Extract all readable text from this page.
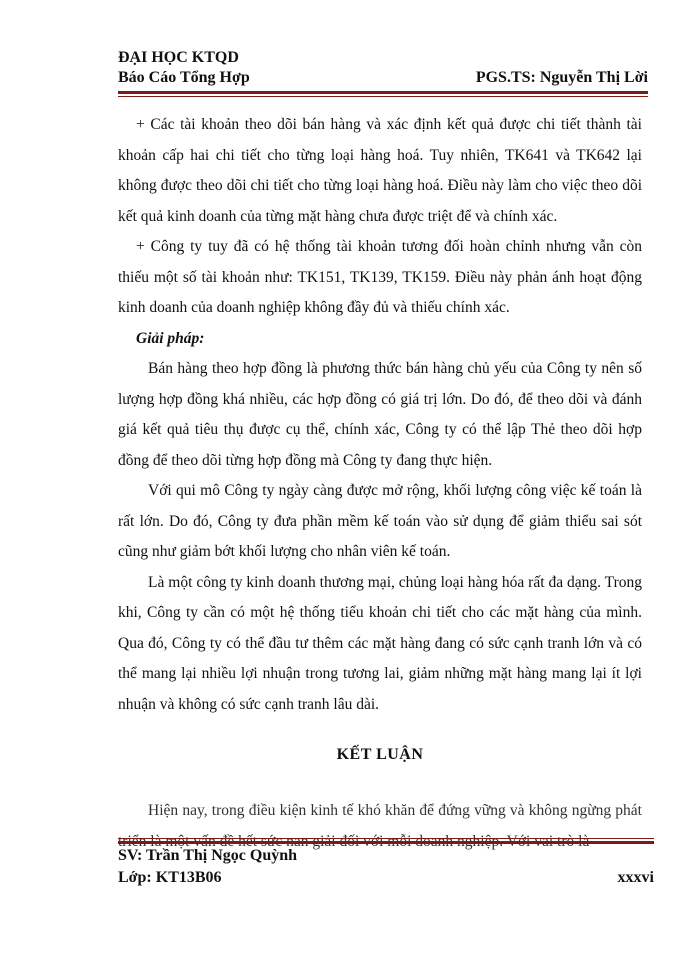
ĐẠI HỌC KTQD
Báo Cáo Tổng Hợp	PGS.TS: Nguyễn Thị Lời

+ Các tài khoản theo dõi bán hàng và xác định kết quả được chi tiết thành tài khoản cấp hai chi tiết cho từng loại hàng hoá. Tuy nhiên, TK641 và TK642 lại không được theo dõi chi tiết cho từng loại hàng hoá. Điều này làm cho việc theo dõi kết quả kinh doanh của từng mặt hàng chưa được triệt để và chính xác.

+ Công ty tuy đã có hệ thống tài khoản tương đối hoàn chỉnh nhưng vẫn còn thiếu một số tài khoản như: TK151, TK139, TK159. Điều này phản ánh hoạt động kinh doanh của doanh nghiệp không đầy đủ và thiếu chính xác.

Giải pháp:

Bán hàng theo hợp đồng là phương thức bán hàng chủ yếu của Công ty nên số lượng hợp đồng khá nhiều, các hợp đồng có giá trị lớn. Do đó, để theo dõi và đánh giá kết quả tiêu thụ được cụ thể, chính xác, Công ty có thể lập Thẻ theo dõi hợp đồng để theo dõi từng hợp đồng mà Công ty đang thực hiện.

Với qui mô Công ty ngày càng được mở rộng, khối lượng công việc kế toán là rất lớn. Do đó, Công ty đưa phần mềm kế toán vào sử dụng để giảm thiểu sai sót cũng như giảm bớt khối lượng cho nhân viên kế toán.

Là một công ty kinh doanh thương mại, chủng loại hàng hóa rất đa dạng. Trong khi, Công ty cần có một hệ thống tiểu khoản chi tiết cho các mặt hàng của mình. Qua đó, Công ty có thể đầu tư thêm các mặt hàng đang có sức cạnh tranh lớn và có thể mang lại nhiều lợi nhuận trong tương lai, giảm những mặt hàng mang lại ít lợi nhuận và không có sức cạnh tranh lâu dài.

KẾT LUẬN
Hiện nay, trong điều kiện kinh tế khó khăn để đứng vững và không ngừng phát
SV: Trần Thị Ngọc Quỳnh
Lớp: KT13B06	xxxvi
